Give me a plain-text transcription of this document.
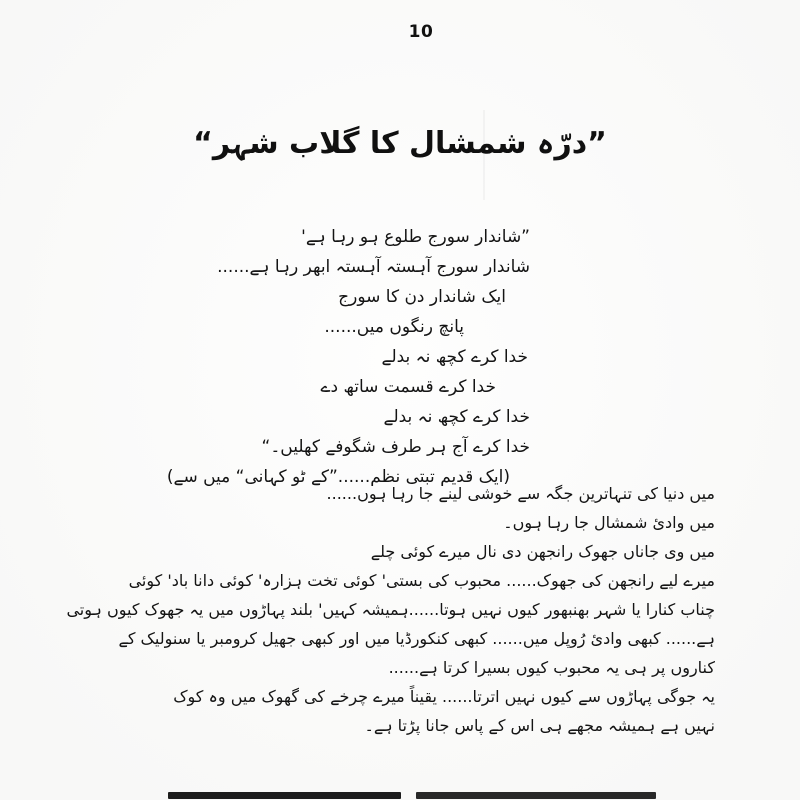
10
”درّہ شمشال کا گلاب شہر“
”شاندار سورج طلوع ہو رہا ہے'
شاندار سورج آہستہ آہستہ ابھر رہا ہے......
ایک شاندار دن کا سورج
پانچ رنگوں میں......
خدا کرے کچھ نہ بدلے
خدا کرے قسمت ساتھ دے
خدا کرے کچھ نہ بدلے
خدا کرے آج ہر طرف شگوفے کھلیں۔“
(ایک قدیم تبتی نظم......”کے ٹو کہانی“ میں سے)
میں دنیا کی تنہاترین جگہ سے خوشی لینے جا رہا ہوں......
میں وادیٔ شمشال جا رہا ہوں۔
میں وی جاناں جھوک رانجھن دی نال میرے کوئی چلے
میرے لیے رانجھن کی جھوک...... محبوب کی بستی' کوئی تخت ہزارہ' کوئی دانا باد' کوئی
چناب کنارا یا شہر بھنبھور کیوں نہیں ہوتا......ہمیشہ کہیں' بلند پہاڑوں میں یہ جھوک کیوں ہوتی
ہے...... کبھی وادیٔ رُوپل میں...... کبھی کنکورڈیا میں اور کبھی جھیل کرومبر یا سنولیک کے
کناروں پر ہی یہ محبوب کیوں بسیرا کرتا ہے......
یہ جوگی پہاڑوں سے کیوں نہیں اترتا...... یقیناً میرے چرخے کی گھوک میں وہ کوک
نہیں ہے ہمیشہ مجھے ہی اس کے پاس جانا پڑتا ہے۔
